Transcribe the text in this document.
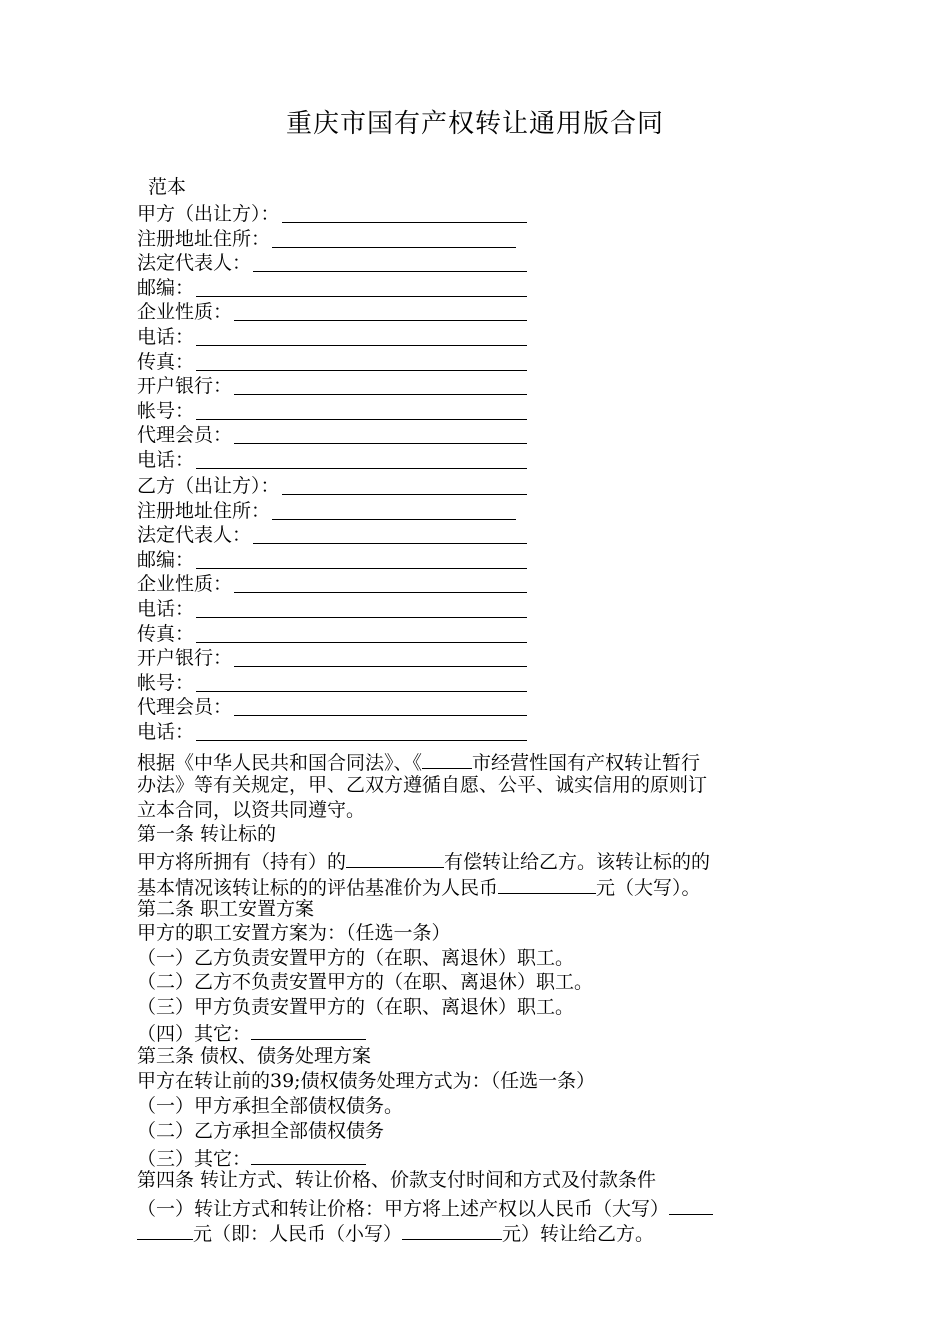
重庆市国有产权转让通用版合同
范本
甲方（出让方）：
注册地址住所：
法定代表人：
邮编：
企业性质：
电话：
传真：
开户银行：
帐号：
代理会员：
电话：
乙方（出让方）：
注册地址住所：
法定代表人：
邮编：
企业性质：
电话：
传真：
开户银行：
帐号：
代理会员：
电话：
根据《中华人民共和国合同法》、《	市经营性国有产权转让暂行
办法》等有关规定，甲、乙双方遵循自愿、公平、诚实信用的原则订
立本合同，以资共同遵守。
第一条 转让标的
甲方将所拥有（持有）的	有偿转让给乙方。该转让标的的
基本情况该转让标的的评估基准价为人民币	元（大写）。
第二条 职工安置方案
甲方的职工安置方案为：（任选一条）
（一）乙方负责安置甲方的（在职、离退休）职工。
（二）乙方不负责安置甲方的（在职、离退休）职工。
（三）甲方负责安置甲方的（在职、离退休）职工。
（四）其它：
第三条 债权、债务处理方案
甲方在转让前的39;债权债务处理方式为：（任选一条）
（一）甲方承担全部债权债务。
（二）乙方承担全部债权债务
（三）其它：
第四条 转让方式、转让价格、价款支付时间和方式及付款条件
（一）转让方式和转让价格：甲方将上述产权以人民币（大写）
元（即：人民币（小写）	元）转让给乙方。
